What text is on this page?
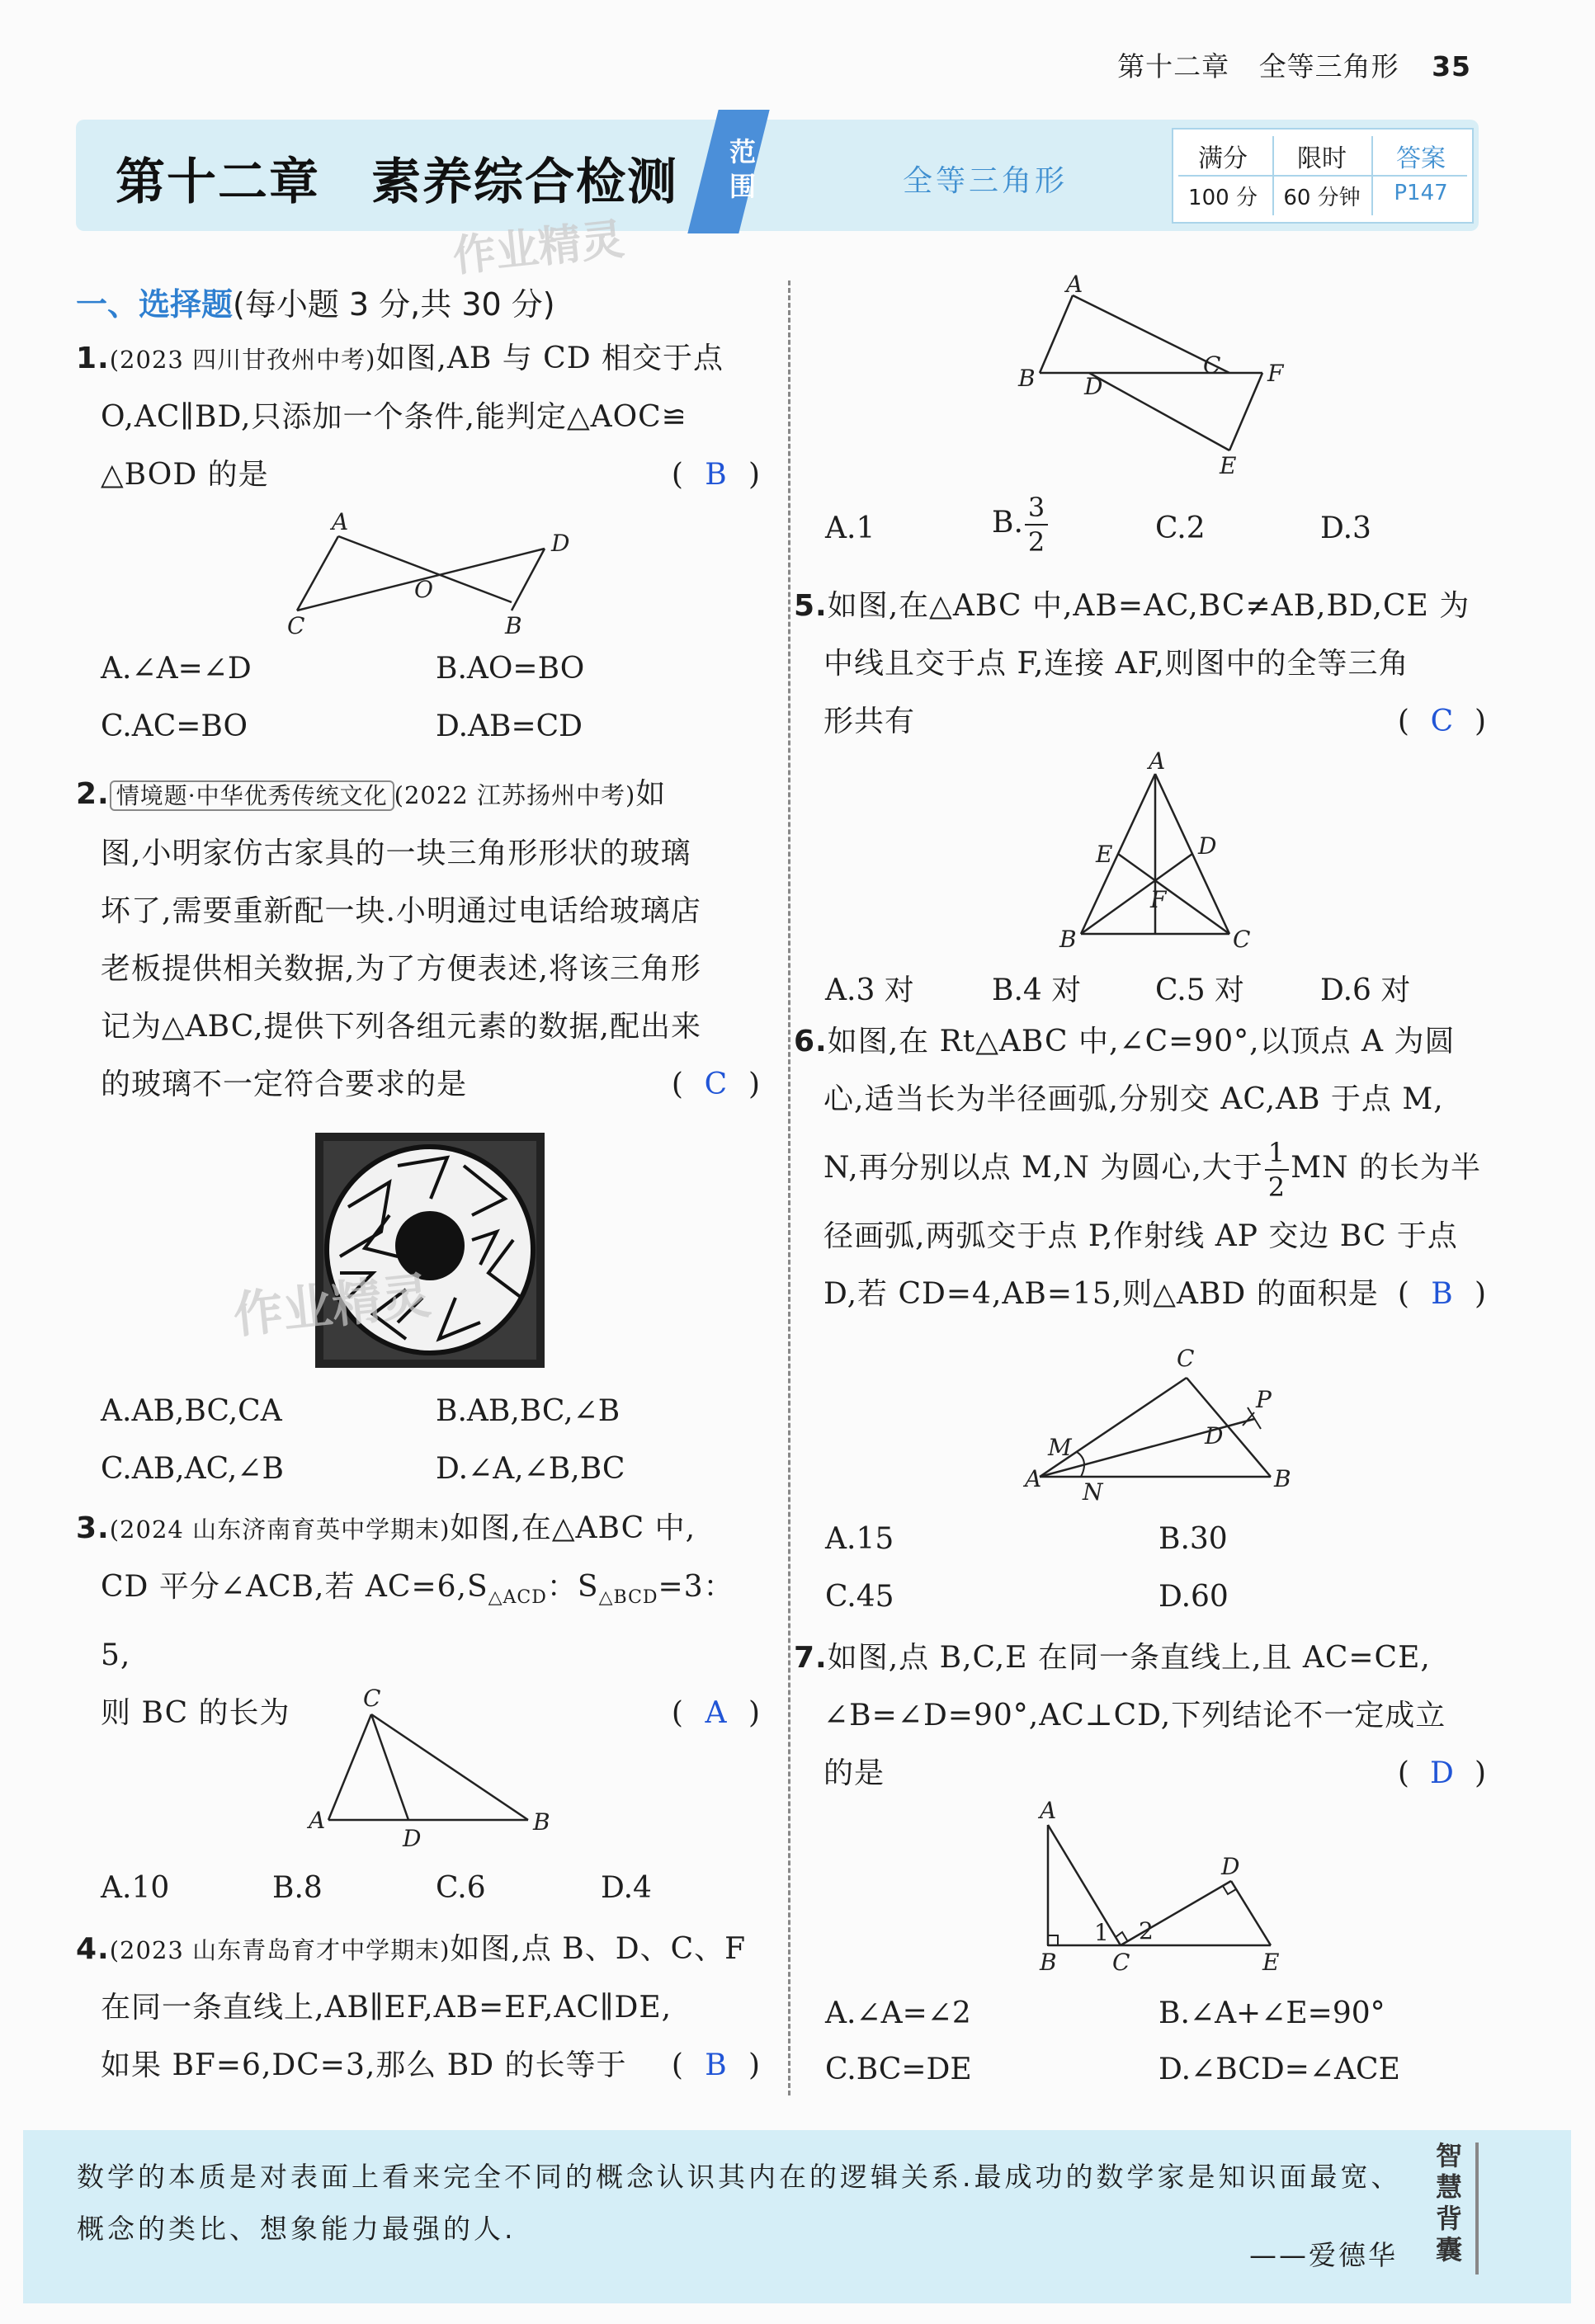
第十二章 全等三角形 35
第十二章　素养综合检测
范围	全等三角形
满分	限时	答案
100 分	60 分钟	P147
作业精灵
一、选择题(每小题 3 分,共 30 分)

1.(2023 四川甘孜州中考)如图,AB 与 CD 相交于点

O,AC∥BD,只添加一个条件,能判定△AOC≌

△BOD 的是	( B )

A
D
O
C	B
A.∠A=∠D	B.AO=BO
C.AC=BO	D.AB=CD

2. 情境题·中华优秀传统文化 (2022 江苏扬州中考)如

图,小明家仿古家具的一块三角形形状的玻璃

坏了,需要重新配一块.小明通过电话给玻璃店

老板提供相关数据,为了方便表述,将该三角形

记为△ABC,提供下列各组元素的数据,配出来

的玻璃不一定符合要求的是	( C )

作业精灵
A.AB,BC,CA	B.AB,BC,∠B
C.AB,AC,∠B	D.∠A,∠B,BC

3.(2024 山东济南育英中学期末)如图,在△ABC 中,

CD 平分∠ACB,若 $AC=6,S_{\triangle ACD}$：$S_{\triangle BCD}=3$：5,

则 BC 的长为	( A )

C
A
D
B
A.10	B.8	C.6	D.4

4.(2023 山东青岛育才中学期末)如图,点 B、D、C、F

在同一条直线上,AB∥EF,AB=EF,AC∥DE,

如果 BF=6,DC=3,那么 BD 的长等于 ( B )

A
B D
C F
E
A.1	B. $\frac{3}{2}$	C.2	D.3

5.如图,在△ABC 中,AB=AC,BC≠AB,BD,CE 为

中线且交于点 F,连接 AF,则图中的全等三角

形共有	( C )

A
E	D
F
B	C
A.3 对	B.4 对 C.5 对	D.6 对

6.如图,在 Rt△ABC 中,∠C=90°,以顶点 A 为圆

心,适当长为半径画弧,分别交 AC,AB 于点 M,

N,再分别以点 M,N 为圆心,大于 $\frac{1}{2}$ MN 的长为半

径画弧,两弧交于点 P,作射线 AP 交边 BC 于点

D,若 CD=4,AB=15,则△ABD 的面积是 ( B )

C
P
M	D
A N	B
A.15	B.30
C.45	D.60

7.如图,点 B,C,E 在同一条直线上,且 AC=CE,

∠B=∠D=90°,AC⊥CD,下列结论不一定成立

的是	( D )

A
D
1 2
B C	E
A.∠A=∠2	B.∠A+∠E=90°
C.BC=DE	D.∠BCD=∠ACE
数学的本质是对表面上看来完全不同的概念认识其内在的逻辑关系.最成功的数学家是知识面最宽、概念的类比、想象能力最强的人.
——爱德华
智慧背囊
